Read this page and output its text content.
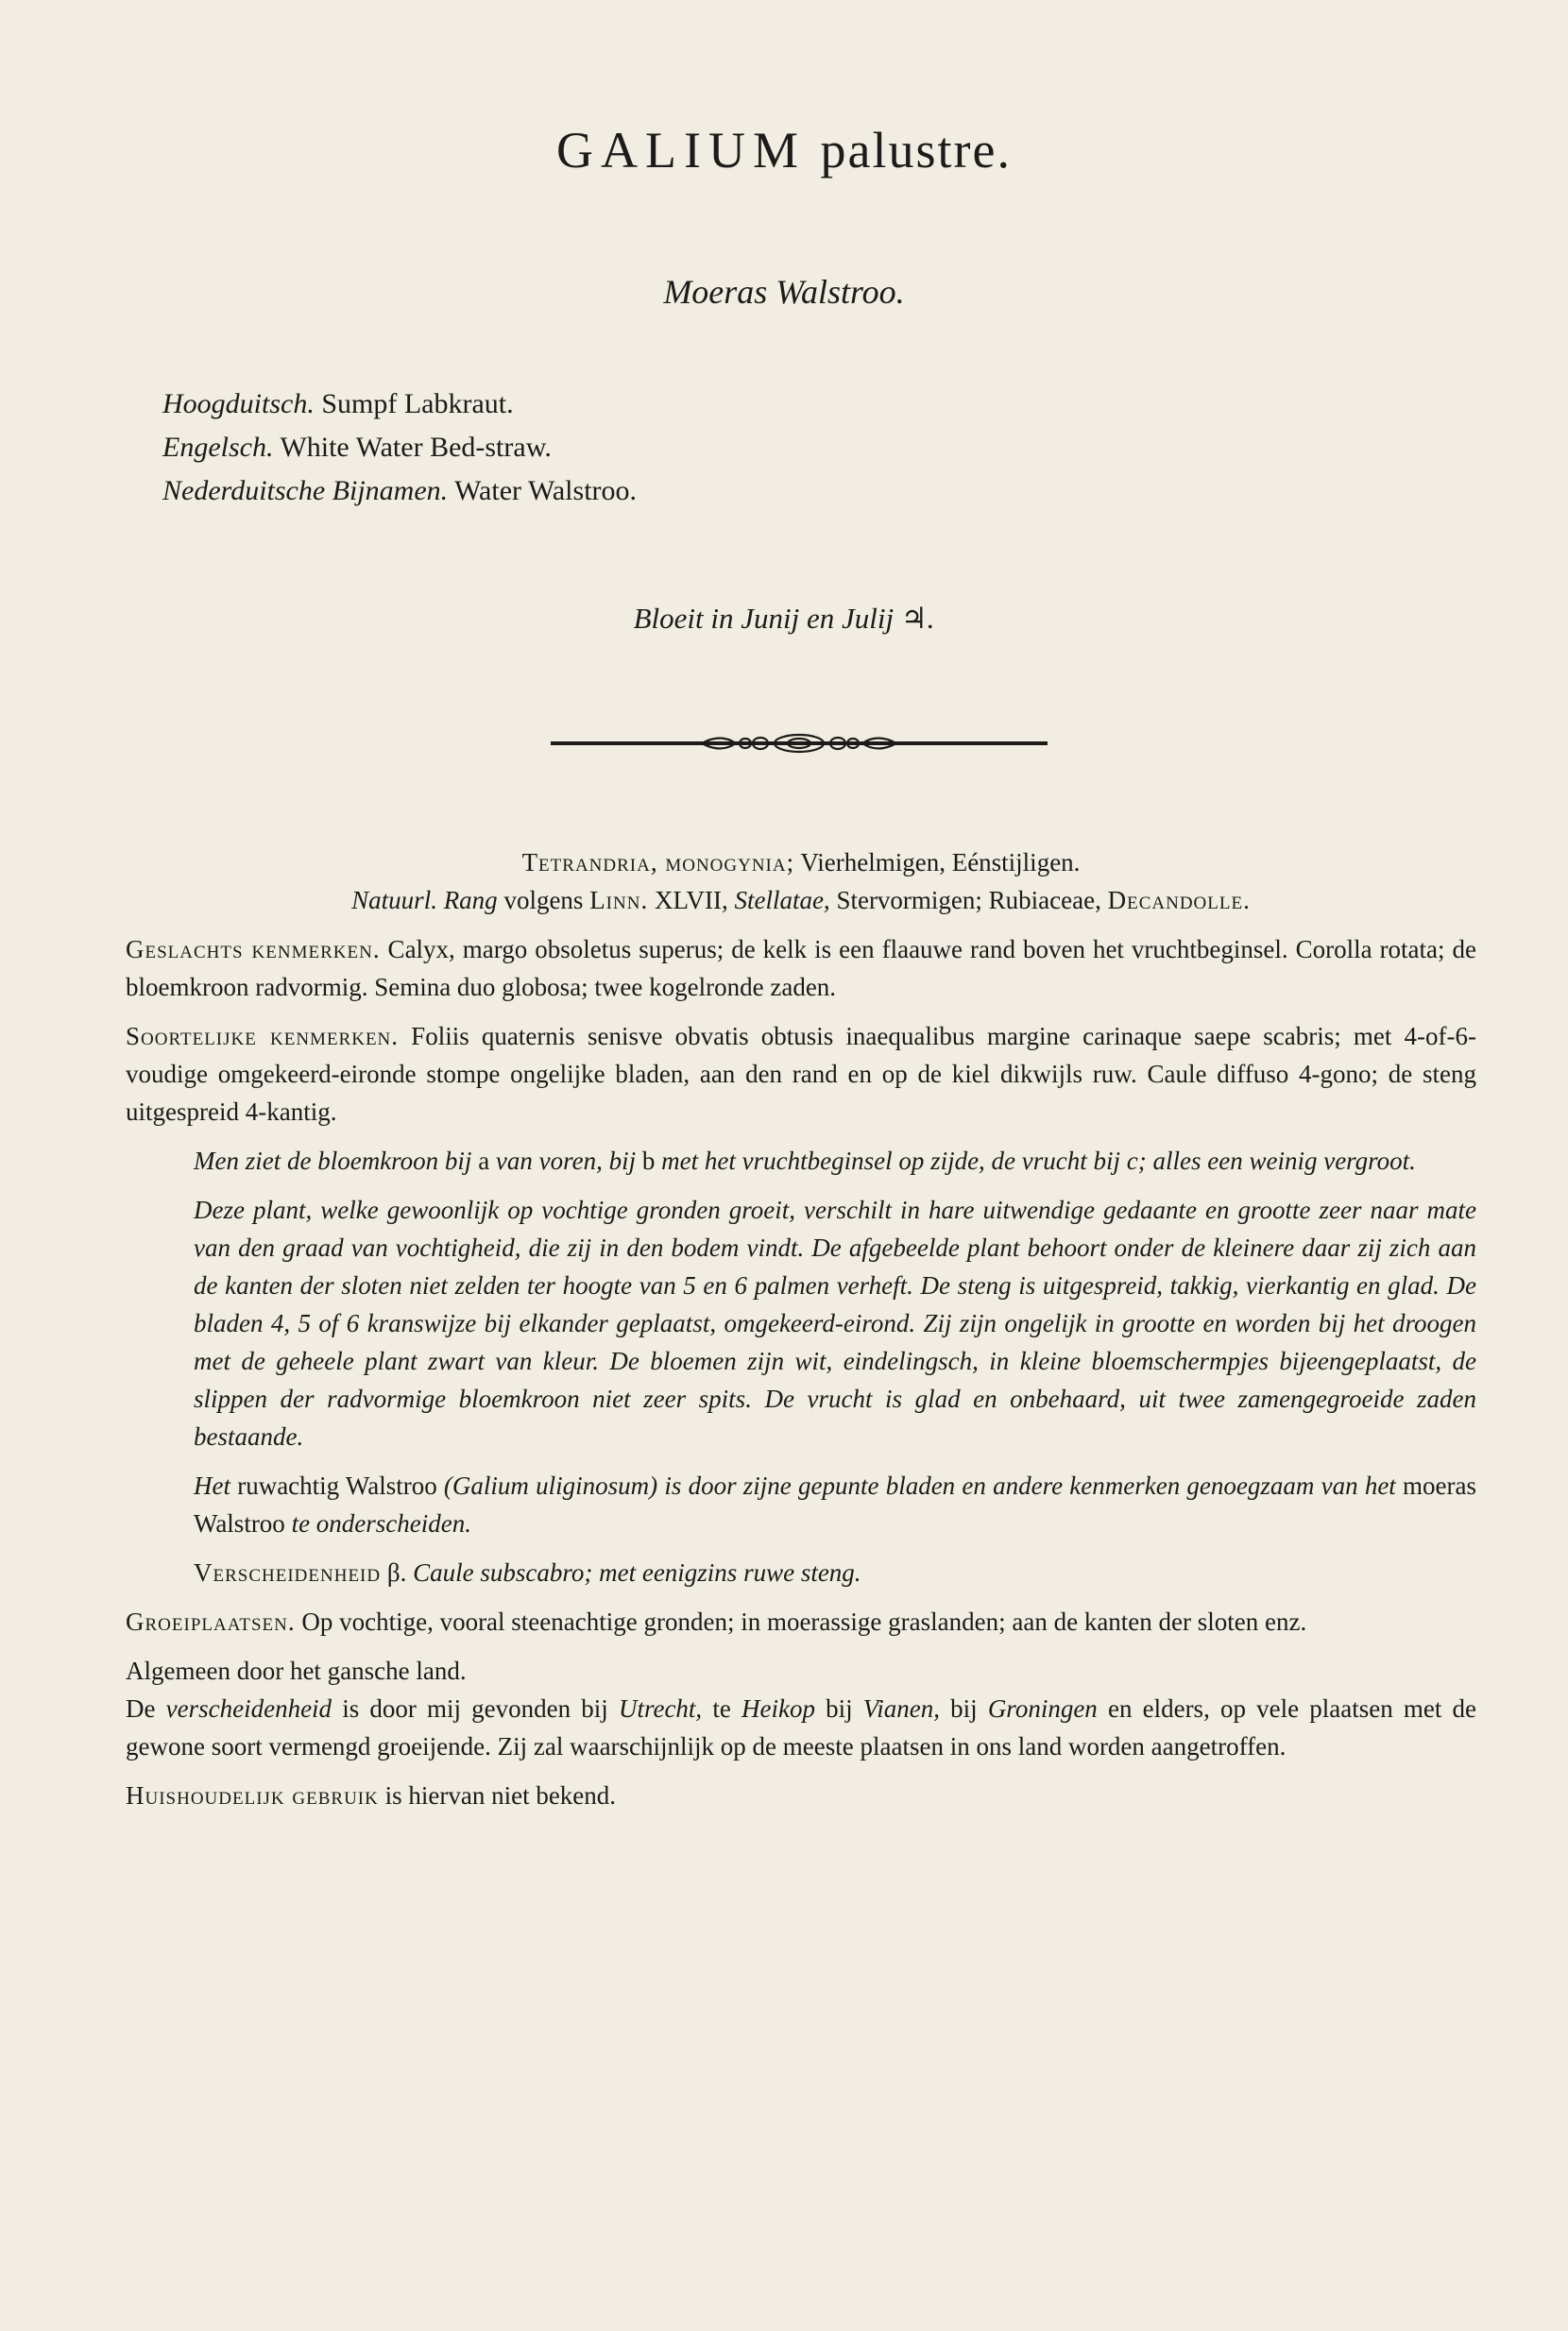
GALIUM palustre.
Moeras Walstroo.
Hoogduitsch. Sumpf Labkraut.
Engelsch. White Water Bed-straw.
Nederduitsche Bijnamen. Water Walstroo.
Bloeit in Junij en Julij ♃.

Tetrandria, monogynia; Vierhelmigen, Eénstijligen.

Natuurl. Rang volgens Linn. XLVII, Stellatae, Stervormigen; Rubiaceae, Decandolle.

Geslachts kenmerken. Calyx, margo obsoletus superus; de kelk is een flaauwe rand boven het vruchtbeginsel. Corolla rotata; de bloemkroon radvormig. Semina duo globosa; twee kogelronde zaden.

Soortelijke kenmerken. Foliis quaternis senisve obvatis obtusis inaequalibus margine carinaque saepe scabris; met 4-of-6-voudige omgekeerd-eironde stompe ongelijke bladen, aan den rand en op de kiel dikwijls ruw. Caule diffuso 4-gono; de steng uitgespreid 4-kantig.

Men ziet de bloemkroon bij a van voren, bij b met het vruchtbeginsel op zijde, de vrucht bij c; alles een weinig vergroot.

Deze plant, welke gewoonlijk op vochtige gronden groeit, verschilt in hare uitwendige gedaante en grootte zeer naar mate van den graad van vochtigheid, die zij in den bodem vindt. De afgebeelde plant behoort onder de kleinere daar zij zich aan de kanten der sloten niet zelden ter hoogte van 5 en 6 palmen verheft. De steng is uitgespreid, takkig, vierkantig en glad. De bladen 4, 5 of 6 kranswijze bij elkander geplaatst, omgekeerd-eirond. Zij zijn ongelijk in grootte en worden bij het droogen met de geheele plant zwart van kleur. De bloemen zijn wit, eindelingsch, in kleine bloemschermpjes bijeengeplaatst, de slippen der radvormige bloemkroon niet zeer spits. De vrucht is glad en onbehaard, uit twee zamengegroeide zaden bestaande.

Het ruwachtig Walstroo (Galium uliginosum) is door zijne gepunte bladen en andere kenmerken genoegzaam van het moeras Walstroo te onderscheiden.

Verscheidenheid β. Caule subscabro; met eenigzins ruwe steng.

Groeiplaatsen. Op vochtige, vooral steenachtige gronden; in moerassige graslanden; aan de kanten der sloten enz.

Algemeen door het gansche land.

De verscheidenheid is door mij gevonden bij Utrecht, te Heikop bij Vianen, bij Groningen en elders, op vele plaatsen met de gewone soort vermengd groeijende. Zij zal waarschijnlijk op de meeste plaatsen in ons land worden aangetroffen.

Huishoudelijk gebruik is hiervan niet bekend.
